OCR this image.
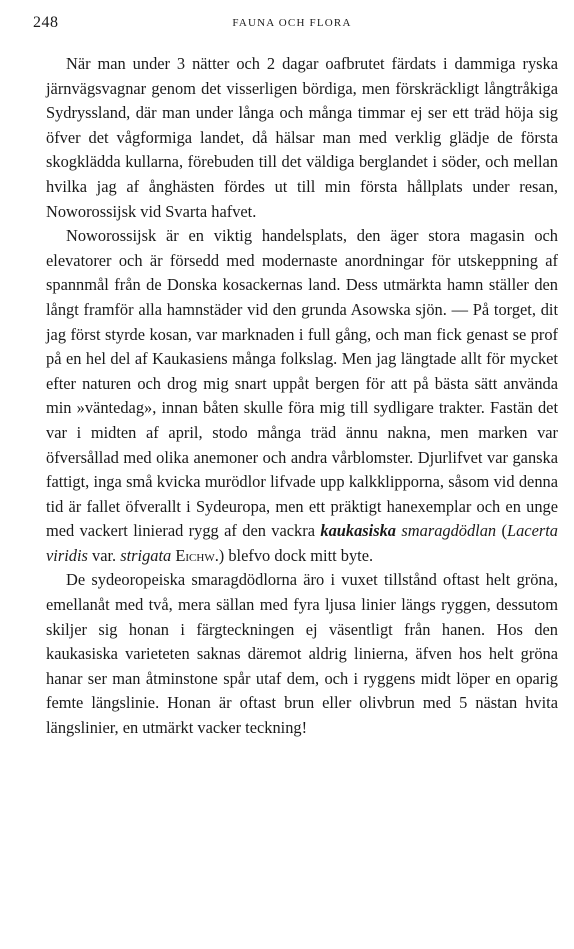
248	FAUNA OCH FLORA

När man under 3 nätter och 2 dagar oafbrutet färdats i dammiga ryska järnvägsvagnar genom det visserligen bördiga, men förskräckligt långtråkiga Sydryssland, där man under långa och många timmar ej ser ett träd höja sig öfver det vågformiga landet, då hälsar man med verklig glädje de första skogklädda kullarna, förebuden till det väldiga berglandet i söder, och mellan hvilka jag af ånghästen fördes ut till min första hållplats under resan, Noworossijsk vid Svarta hafvet.

Noworossijsk är en viktig handelsplats, den äger stora magasin och elevatorer och är försedd med modernaste anordningar för utskeppning af spannmål från de Donska kosackernas land. Dess utmärkta hamn ställer den långt framför alla hamnstäder vid den grunda Asowska sjön. — På torget, dit jag först styrde kosan, var marknaden i full gång, och man fick genast se prof på en hel del af Kaukasiens många folkslag. Men jag längtade allt för mycket efter naturen och drog mig snart uppåt bergen för att på bästa sätt använda min »väntedag», innan båten skulle föra mig till sydligare trakter. Fastän det var i midten af april, stodo många träd ännu nakna, men marken var öfversållad med olika anemoner och andra vårblomster. Djurlifvet var ganska fattigt, inga små kvicka murödlor lifvade upp kalkklipporna, såsom vid denna tid är fallet öfverallt i Sydeuropa, men ett präktigt hanexemplar och en unge med vackert linierad rygg af den vackra kaukasiska smaragdödlan (Lacerta viridis var. strigata Eichw.) blefvo dock mitt byte.

De sydeoropeiska smaragdödlorna äro i vuxet tillstånd oftast helt gröna, emellanåt med två, mera sällan med fyra ljusa linier längs ryggen, dessutom skiljer sig honan i färgteckningen ej väsentligt från hanen. Hos den kaukasiska varieteten saknas däremot aldrig linierna, äfven hos helt gröna hanar ser man åtminstone spår utaf dem, och i ryggens midt löper en oparig femte längslinie. Honan är oftast brun eller olivbrun med 5 nästan hvita längslinier, en utmärkt vacker teckning!
